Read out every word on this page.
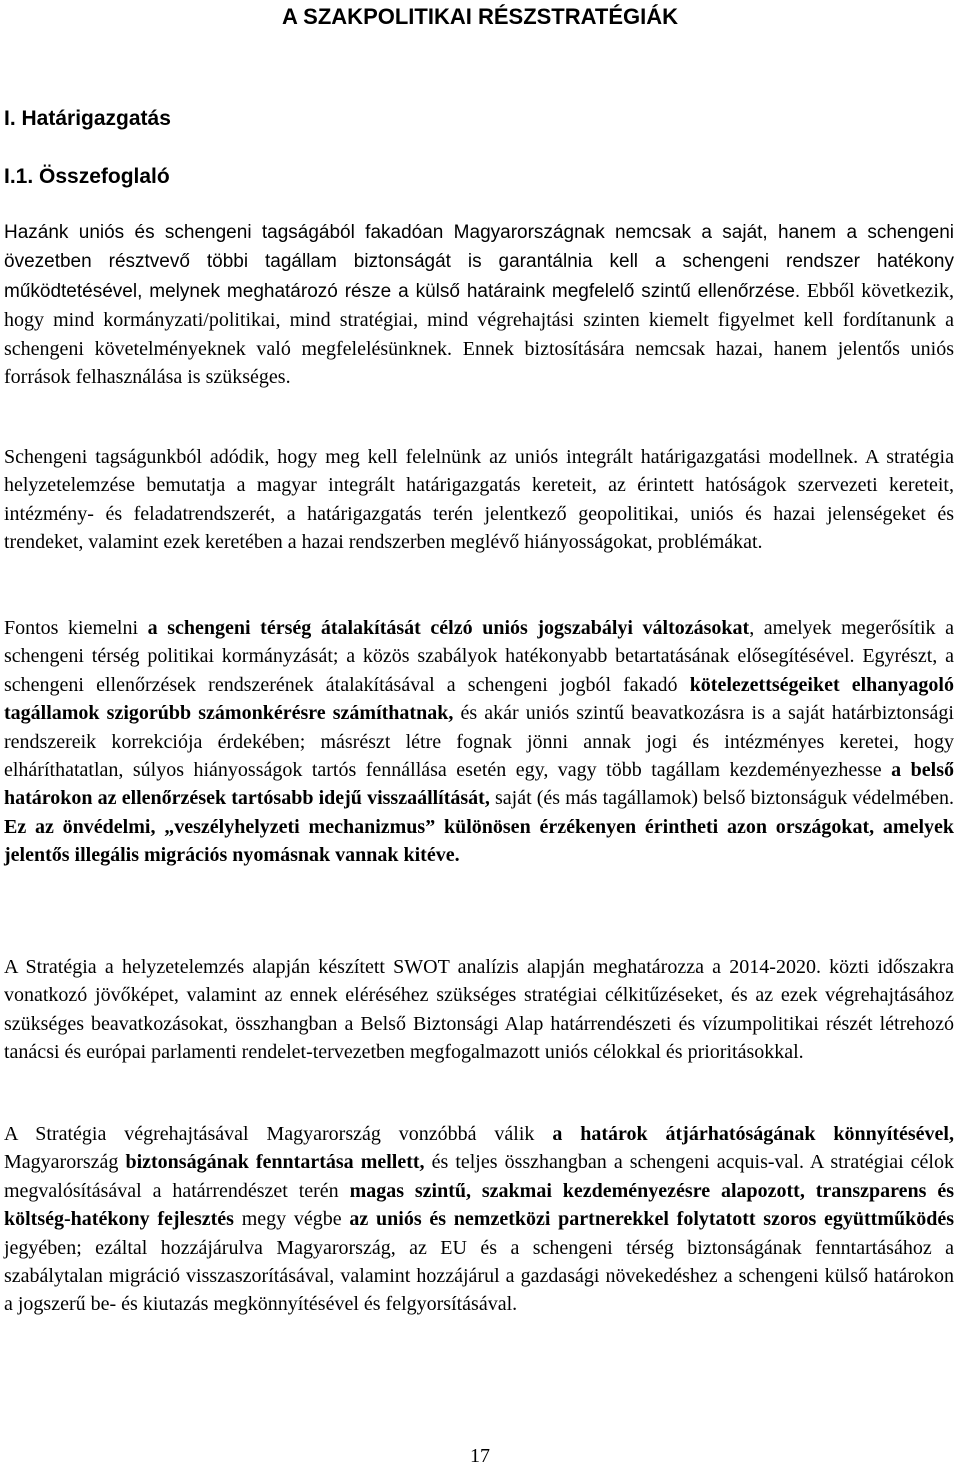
A SZAKPOLITIKAI RÉSZSTRATÉGIÁK
I. Határigazgatás
I.1. Összefoglaló

Hazánk uniós és schengeni tagságából fakadóan Magyarországnak nemcsak a saját, hanem a schengeni övezetben résztvevő többi tagállam biztonságát is garantálnia kell a schengeni rendszer hatékony működtetésével, melynek meghatározó része a külső határaink megfelelő szintű ellenőrzése. Ebből következik, hogy mind kormányzati/politikai, mind stratégiai, mind végrehajtási szinten kiemelt figyelmet kell fordítanunk a schengeni követelményeknek való megfelelésünknek. Ennek biztosítására nemcsak hazai, hanem jelentős uniós források felhasználása is szükséges.

Schengeni tagságunkból adódik, hogy meg kell felelnünk az uniós integrált határigazgatási modellnek. A stratégia helyzetelemzése bemutatja a magyar integrált határigazgatás kereteit, az érintett hatóságok szervezeti kereteit, intézmény- és feladatrendszerét, a határigazgatás terén jelentkező geopolitikai, uniós és hazai jelenségeket és trendeket, valamint ezek keretében a hazai rendszerben meglévő hiányosságokat, problémákat.

Fontos kiemelni a schengeni térség átalakítását célzó uniós jogszabályi változásokat, amelyek megerősítik a schengeni térség politikai kormányzását; a közös szabályok hatékonyabb betartatásának elősegítésével. Egyrészt, a schengeni ellenőrzések rendszerének átalakításával a schengeni jogból fakadó kötelezettségeiket elhanyagoló tagállamok szigorúbb számonkérésre számíthatnak, és akár uniós szintű beavatkozásra is a saját határbiztonsági rendszereik korrekciója érdekében; másrészt létre fognak jönni annak jogi és intézményes keretei, hogy elháríthatatlan, súlyos hiányosságok tartós fennállása esetén egy, vagy több tagállam kezdeményezhesse a belső határokon az ellenőrzések tartósabb idejű visszaállítását, saját (és más tagállamok) belső biztonságuk védelmében. Ez az önvédelmi, „veszélyhelyzeti mechanizmus” különösen érzékenyen érintheti azon országokat, amelyek jelentős illegális migrációs nyomásnak vannak kitéve.

A Stratégia a helyzetelemzés alapján készített SWOT analízis alapján meghatározza a 2014-2020. közti időszakra vonatkozó jövőképet, valamint az ennek eléréséhez szükséges stratégiai célkitűzéseket, és az ezek végrehajtásához szükséges beavatkozásokat, összhangban a Belső Biztonsági Alap határrendészeti és vízumpolitikai részét létrehozó tanácsi és európai parlamenti rendelet-tervezetben megfogalmazott uniós célokkal és prioritásokkal.

A Stratégia végrehajtásával Magyarország vonzóbbá válik a határok átjárhatóságának könnyítésével, Magyarország biztonságának fenntartása mellett, és teljes összhangban a schengeni acquis-val. A stratégiai célok megvalósításával a határrendészet terén magas szintű, szakmai kezdeményezésre alapozott, transzparens és költség-hatékony fejlesztés megy végbe az uniós és nemzetközi partnerekkel folytatott szoros együttműködés jegyében; ezáltal hozzájárulva Magyarország, az EU és a schengeni térség biztonságának fenntartásához a szabálytalan migráció visszaszorításával, valamint hozzájárul a gazdasági növekedéshez a schengeni külső határokon a jogszerű be- és kiutazás megkönnyítésével és felgyorsításával.

17
